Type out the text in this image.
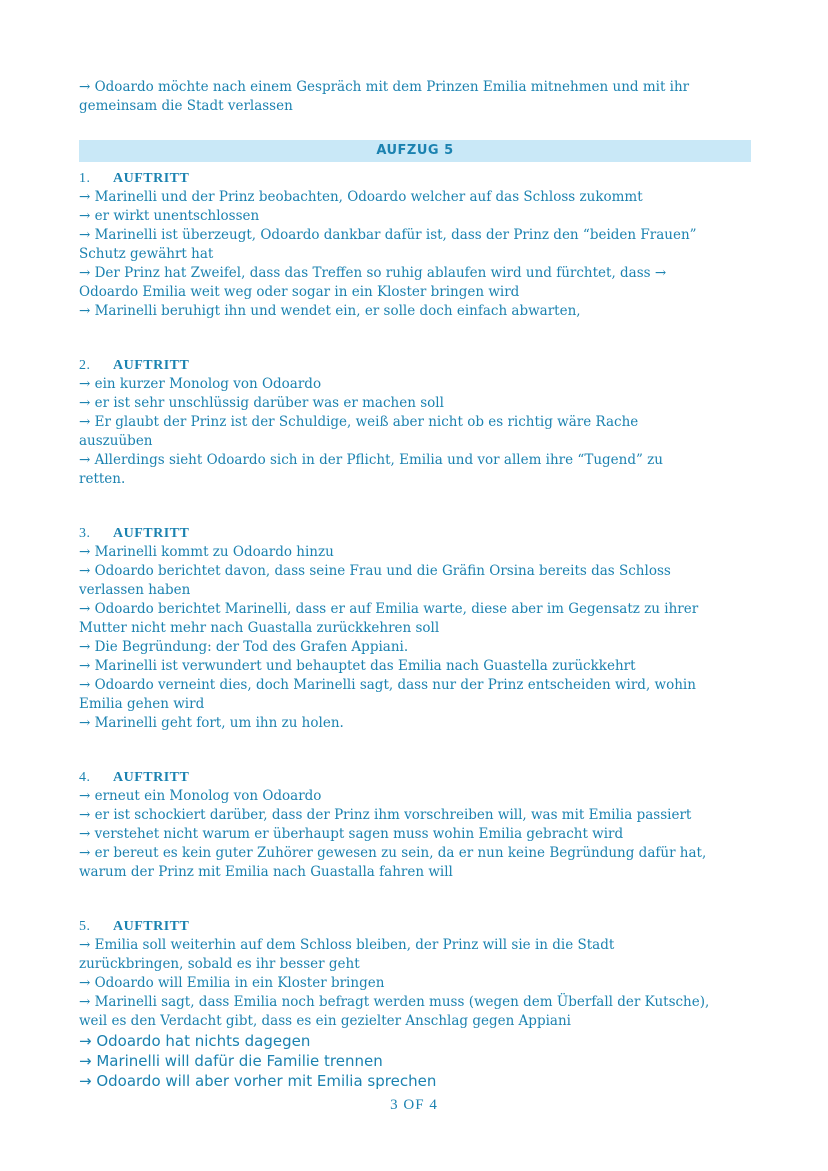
→ Odoardo möchte nach einem Gespräch mit dem Prinzen Emilia mitnehmen und mit ihr
gemeinsam die Stadt verlassen
AUFZUG 5
1.	AUFTRITT
→ Marinelli und der Prinz beobachten, Odoardo welcher auf das Schloss zukommt
→ er wirkt unentschlossen
→ Marinelli ist überzeugt, Odoardo dankbar dafür ist, dass der Prinz den “beiden Frauen”
Schutz gewährt hat
→ Der Prinz hat Zweifel, dass das Treffen so ruhig ablaufen wird und fürchtet, dass →
Odoardo Emilia weit weg oder sogar in ein Kloster bringen wird
→ Marinelli beruhigt ihn und wendet ein, er solle doch einfach abwarten,
2.	AUFTRITT
→ ein kurzer Monolog von Odoardo
→ er ist sehr unschlüssig darüber was er machen soll
→ Er glaubt der Prinz ist der Schuldige, weiß aber nicht ob es richtig wäre Rache
auszuüben
→ Allerdings sieht Odoardo sich in der Pflicht, Emilia und vor allem ihre “Tugend” zu
retten.
3.	AUFTRITT
→ Marinelli kommt zu Odoardo hinzu
→ Odoardo berichtet davon, dass seine Frau und die Gräfin Orsina bereits das Schloss
verlassen haben
→ Odoardo berichtet Marinelli, dass er auf Emilia warte, diese aber im Gegensatz zu ihrer
Mutter nicht mehr nach Guastalla zurückkehren soll
→ Die Begründung: der Tod des Grafen Appiani.
→ Marinelli ist verwundert und behauptet das Emilia nach Guastella zurückkehrt
→ Odoardo verneint dies, doch Marinelli sagt, dass nur der Prinz entscheiden wird, wohin
Emilia gehen wird
→ Marinelli geht fort, um ihn zu holen.
4.	AUFTRITT
→ erneut ein Monolog von Odoardo
→ er ist schockiert darüber, dass der Prinz ihm vorschreiben will, was mit Emilia passiert
→ verstehet nicht warum er überhaupt sagen muss wohin Emilia gebracht wird
→ er bereut es kein guter Zuhörer gewesen zu sein, da er nun keine Begründung dafür hat,
warum der Prinz mit Emilia nach Guastalla fahren will
5.	AUFTRITT
→ Emilia soll weiterhin auf dem Schloss bleiben, der Prinz will sie in die Stadt
zurückbringen, sobald es ihr besser geht
→ Odoardo will Emilia in ein Kloster bringen
→ Marinelli sagt, dass Emilia noch befragt werden muss (wegen dem Überfall der Kutsche),
weil es den Verdacht gibt, dass es ein gezielter Anschlag gegen Appiani
→ Odoardo hat nichts dagegen
→ Marinelli will dafür die Familie trennen
→ Odoardo will aber vorher mit Emilia sprechen
3 OF 4
